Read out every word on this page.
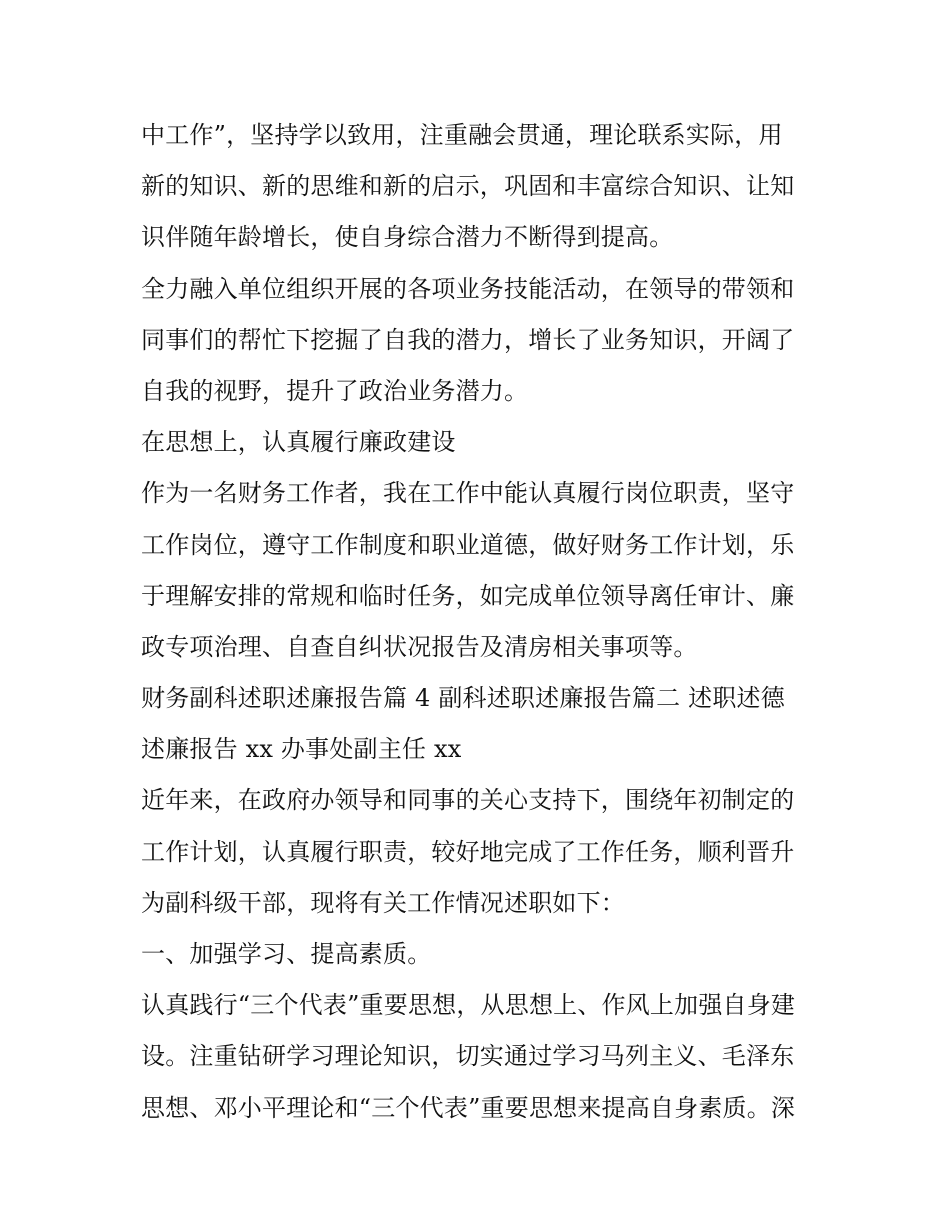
中工作”，坚持学以致用，注重融会贯通，理论联系实际，用
新的知识、新的思维和新的启示，巩固和丰富综合知识、让知
识伴随年龄增长，使自身综合潜力不断得到提高。
全力融入单位组织开展的各项业务技能活动，在领导的带领和
同事们的帮忙下挖掘了自我的潜力，增长了业务知识，开阔了
自我的视野，提升了政治业务潜力。
在思想上，认真履行廉政建设
作为一名财务工作者，我在工作中能认真履行岗位职责，坚守
工作岗位，遵守工作制度和职业道德，做好财务工作计划，乐
于理解安排的常规和临时任务，如完成单位领导离任审计、廉
政专项治理、自查自纠状况报告及清房相关事项等。
财务副科述职述廉报告篇 4 副科述职述廉报告篇二 述职述德
述廉报告 xx 办事处副主任 xx
近年来，在政府办领导和同事的关心支持下，围绕年初制定的
工作计划，认真履行职责，较好地完成了工作任务，顺利晋升
为副科级干部，现将有关工作情况述职如下：
一、加强学习、提高素质。
认真践行“三个代表”重要思想，从思想上、作风上加强自身建
设。注重钻研学习理论知识，切实通过学习马列主义、毛泽东
思想、邓小平理论和“三个代表”重要思想来提高自身素质。深
